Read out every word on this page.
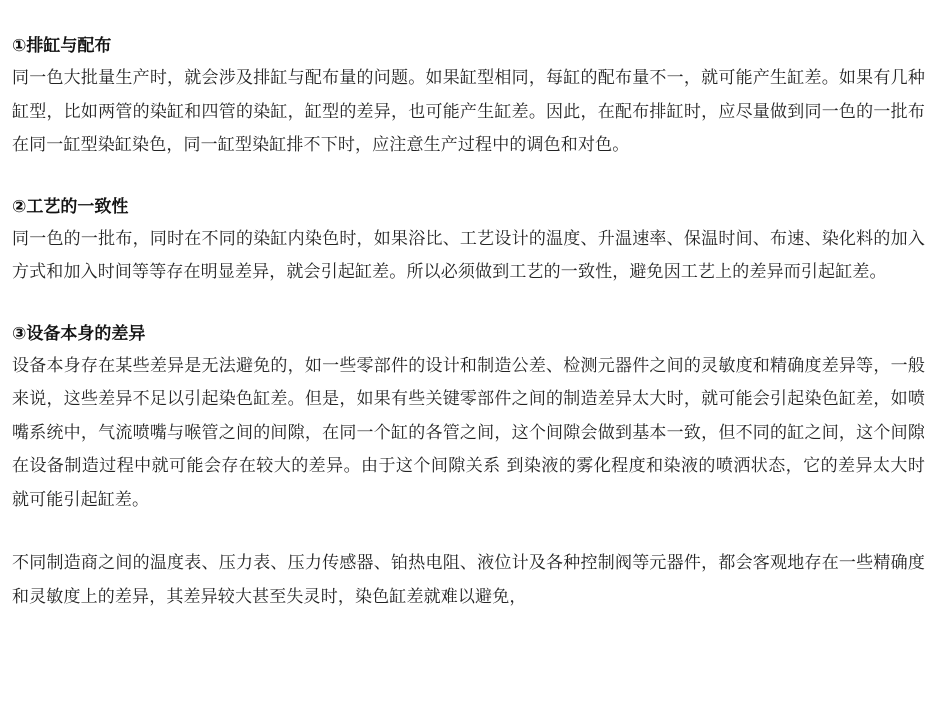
①排缸与配布

同一色大批量生产时，就会涉及排缸与配布量的问题。如果缸型相同，每缸的配布量不一，就可能产生缸差。如果有几种缸型，比如两管的染缸和四管的染缸，缸型的差异，也可能产生缸差。因此，在配布排缸时，应尽量做到同一色的一批布在同一缸型染缸染色，同一缸型染缸排不下时，应注意生产过程中的调色和对色。

②工艺的一致性

同一色的一批布，同时在不同的染缸内染色时，如果浴比、工艺设计的温度、升温速率、保温时间、布速、染化料的加入方式和加入时间等等存在明显差异，就会引起缸差。所以必须做到工艺的一致性，避免因工艺上的差异而引起缸差。

③设备本身的差异

设备本身存在某些差异是无法避免的，如一些零部件的设计和制造公差、检测元器件之间的灵敏度和精确度差异等，一般来说，这些差异不足以引起染色缸差。但是，如果有些关键零部件之间的制造差异太大时，就可能会引起染色缸差，如喷嘴系统中，气流喷嘴与喉管之间的间隙，在同一个缸的各管之间，这个间隙会做到基本一致，但不同的缸之间，这个间隙在设备制造过程中就可能会存在较大的差异。由于这个间隙关系 到染液的雾化程度和染液的喷洒状态，它的差异太大时就可能引起缸差。

不同制造商之间的温度表、压力表、压力传感器、铂热电阻、液位计及各种控制阀等元器件，都会客观地存在一些精确度和灵敏度上的差异，其差异较大甚至失灵时，染色缸差就难以避免，
